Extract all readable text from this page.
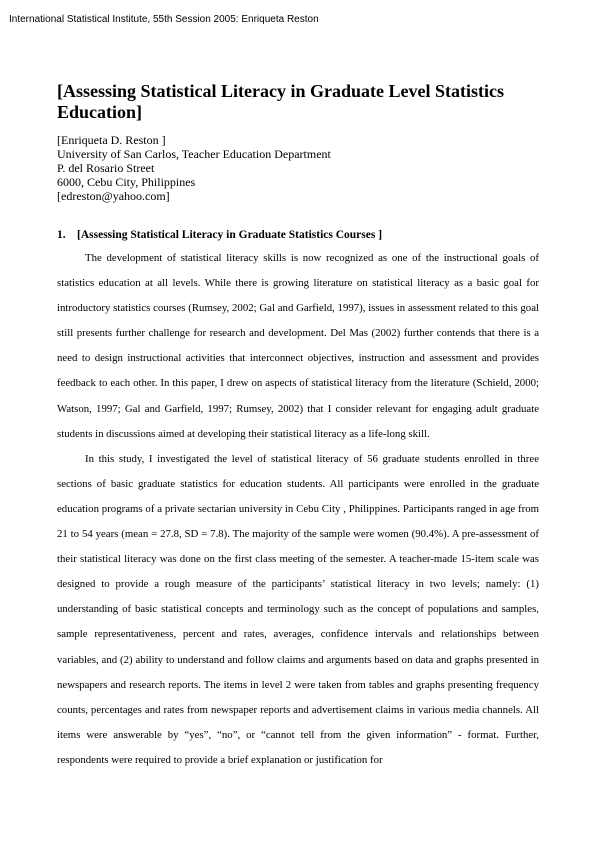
International Statistical Institute, 55th Session 2005: Enriqueta Reston
[Assessing Statistical Literacy in Graduate Level Statistics Education]
[Enriqueta D. Reston ]
University of San Carlos, Teacher Education Department
P. del Rosario Street
6000, Cebu City, Philippines
[edreston@yahoo.com]
1. [Assessing Statistical Literacy in Graduate Statistics Courses ]

The development of statistical literacy skills is now recognized as one of the instructional goals of statistics education at all levels. While there is growing literature on statistical literacy as a basic goal for introductory statistics courses (Rumsey, 2002; Gal and Garfield, 1997), issues in assessment related to this goal still presents further challenge for research and development. Del Mas (2002) further contends that there is a need to design instructional activities that interconnect objectives, instruction and assessment and provides feedback to each other. In this paper, I drew on aspects of statistical literacy from the literature (Schield, 2000; Watson, 1997; Gal and Garfield, 1997; Rumsey, 2002) that I consider relevant for engaging adult graduate students in discussions aimed at developing their statistical literacy as a life-long skill.

In this study, I investigated the level of statistical literacy of 56 graduate students enrolled in three sections of basic graduate statistics for education students. All participants were enrolled in the graduate education programs of a private sectarian university in Cebu City , Philippines. Participants ranged in age from 21 to 54 years (mean = 27.8, SD = 7.8). The majority of the sample were women (90.4%). A pre-assessment of their statistical literacy was done on the first class meeting of the semester. A teacher-made 15-item scale was designed to provide a rough measure of the participants’ statistical literacy in two levels; namely: (1) understanding of basic statistical concepts and terminology such as the concept of populations and samples, sample representativeness, percent and rates, averages, confidence intervals and relationships between variables, and (2) ability to understand and follow claims and arguments based on data and graphs presented in newspapers and research reports. The items in level 2 were taken from tables and graphs presenting frequency counts, percentages and rates from newspaper reports and advertisement claims in various media channels. All items were answerable by “yes”, “no”, or “cannot tell from the given information” - format. Further, respondents were required to provide a brief explanation or justification for
